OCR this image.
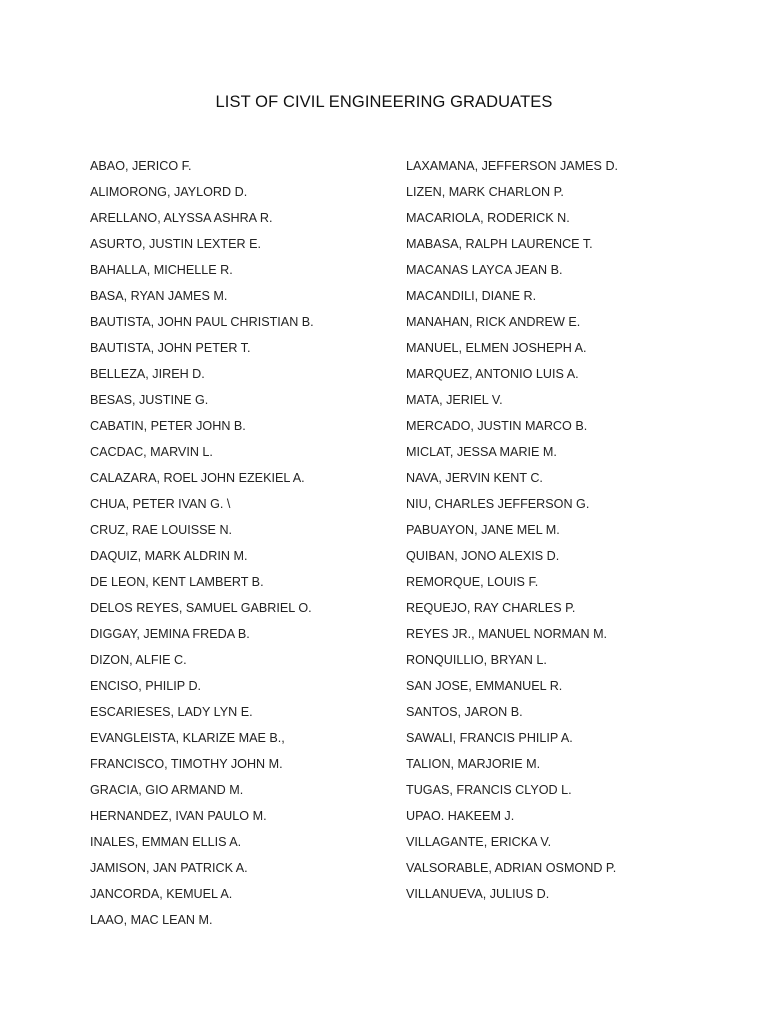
LIST OF CIVIL ENGINEERING GRADUATES
ABAO, JERICO F.
ALIMORONG, JAYLORD D.
ARELLANO, ALYSSA ASHRA R.
ASURTO, JUSTIN LEXTER E.
BAHALLA, MICHELLE R.
BASA, RYAN JAMES M.
BAUTISTA, JOHN PAUL CHRISTIAN B.
BAUTISTA, JOHN PETER T.
BELLEZA, JIREH D.
BESAS, JUSTINE G.
CABATIN, PETER JOHN B.
CACDAC, MARVIN L.
CALAZARA, ROEL JOHN EZEKIEL A.
CHUA, PETER IVAN G. \
CRUZ, RAE LOUISSE N.
DAQUIZ, MARK ALDRIN M.
DE LEON, KENT LAMBERT B.
DELOS REYES, SAMUEL GABRIEL O.
DIGGAY, JEMINA FREDA B.
DIZON, ALFIE C.
ENCISO, PHILIP D.
ESCARIESES, LADY LYN E.
EVANGLEISTA, KLARIZE MAE B.,
FRANCISCO, TIMOTHY JOHN M.
GRACIA, GIO ARMAND M.
HERNANDEZ, IVAN PAULO M.
INALES, EMMAN ELLIS A.
JAMISON, JAN PATRICK A.
JANCORDA, KEMUEL A.
LAAO, MAC LEAN M.
LAXAMANA, JEFFERSON JAMES D.
LIZEN, MARK CHARLON P.
MACARIOLA, RODERICK N.
MABASA, RALPH LAURENCE T.
MACANAS LAYCA JEAN B.
MACANDILI, DIANE R.
MANAHAN, RICK ANDREW E.
MANUEL, ELMEN JOSHEPH A.
MARQUEZ, ANTONIO LUIS A.
MATA, JERIEL V.
MERCADO, JUSTIN MARCO B.
MICLAT, JESSA MARIE M.
NAVA, JERVIN KENT C.
NIU, CHARLES JEFFERSON G.
PABUAYON, JANE MEL M.
QUIBAN, JONO ALEXIS D.
REMORQUE, LOUIS F.
REQUEJO, RAY CHARLES P.
REYES JR., MANUEL NORMAN M.
RONQUILLIO, BRYAN L.
SAN JOSE, EMMANUEL R.
SANTOS, JARON B.
SAWALI, FRANCIS PHILIP A.
TALION, MARJORIE M.
TUGAS, FRANCIS CLYOD L.
UPAO. HAKEEM J.
VILLAGANTE, ERICKA V.
VALSORABLE, ADRIAN OSMOND P.
VILLANUEVA, JULIUS D.
